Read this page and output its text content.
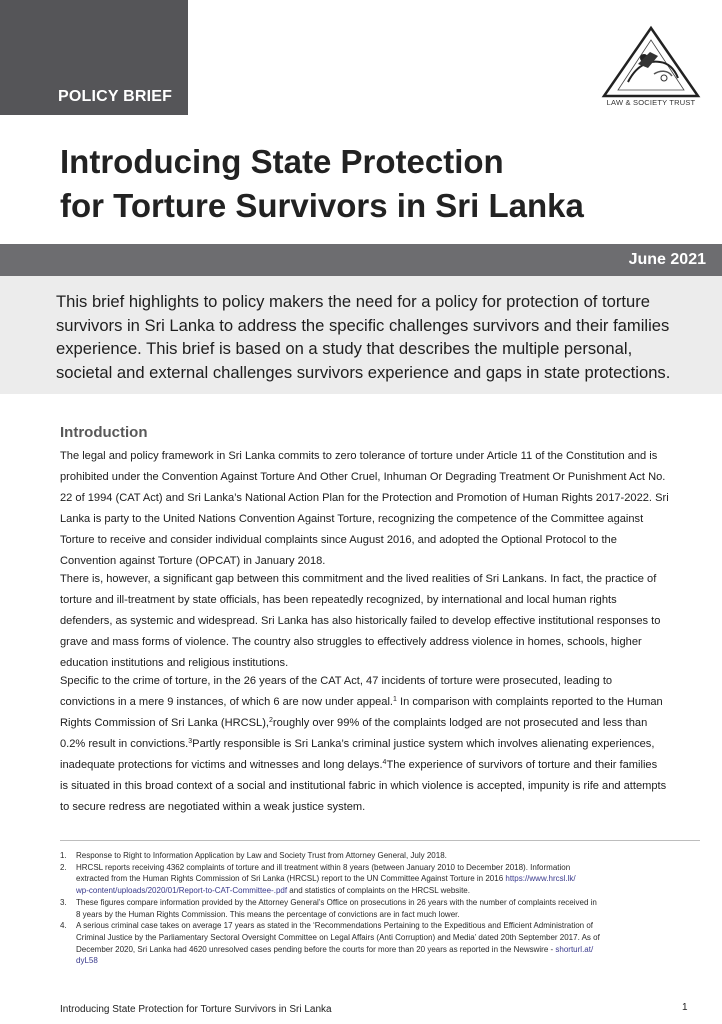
POLICY BRIEF	LAW & SOCIETY TRUST
Introducing State Protection
for Torture Survivors in Sri Lanka
June 2021
This brief highlights to policy makers the need for a policy for protection of torture
survivors in Sri Lanka to address the specific challenges survivors and their families
experience. This brief is based on a study that describes the multiple personal,
societal and external challenges survivors experience and gaps in state protections.
Introduction
The legal and policy framework in Sri Lanka commits to zero tolerance of torture under Article 11 of the Constitution and is
prohibited under the Convention Against Torture And Other Cruel, Inhuman Or Degrading Treatment Or Punishment Act No.
22 of 1994 (CAT Act) and Sri Lanka’s National Action Plan for the Protection and Promotion of Human Rights 2017-2022. Sri
Lanka is party to the United Nations Convention Against Torture, recognizing the competence of the Committee against
Torture to receive and consider individual complaints since August 2016, and adopted the Optional Protocol to the
Convention against Torture (OPCAT) in January 2018.
There is, however, a significant gap between this commitment and the lived realities of Sri Lankans. In fact, the practice of
torture and ill-treatment by state officials, has been repeatedly recognized, by international and local human rights
defenders, as systemic and widespread. Sri Lanka has also historically failed to develop effective institutional responses to
grave and mass forms of violence. The country also struggles to effectively address violence in homes, schools, higher
education institutions and religious institutions.
Specific to the crime of torture, in the 26 years of the CAT Act, 47 incidents of torture were prosecuted, leading to
convictions in a mere 9 instances, of which 6 are now under appeal.$^1$ In comparison with complaints reported to the Human
Rights Commission of Sri Lanka (HRCSL),$^2$roughly over 99% of the complaints lodged are not prosecuted and less than
0.2% result in convictions.$^3$Partly responsible is Sri Lanka’s criminal justice system which involves alienating experiences,
inadequate protections for victims and witnesses and long delays.$^4$The experience of survivors of torture and their families
is situated in this broad context of a social and institutional fabric in which violence is accepted, impunity is rife and attempts
to secure redress are negotiated within a weak justice system.
1. Response to Right to Information Application by Law and Society Trust from Attorney General, July 2018.
2. HRCSL reports receiving 4362 complaints of torture and ill treatment within 8 years (between January 2010 to December 2018). Information
extracted from the Human Rights Commission of Sri Lanka (HRCSL) report to the UN Committee Against Torture in 2016 https://www.hrcsl.lk/
wp-content/uploads/2020/01/Report-to-CAT-Committee-.pdf and statistics of complaints on the HRCSL website.
3. These figures compare information provided by the Attorney General’s Office on prosecutions in 26 years with the number of complaints received in
8 years by the Human Rights Commission. This means the percentage of convictions are in fact much lower.
4. A serious criminal case takes on average 17 years as stated in the ‘Recommendations Pertaining to the Expeditious and Efficient Administration of
Criminal Justice by the Parliamentary Sectoral Oversight Committee on Legal Affairs (Anti Corruption) and Media’ dated 20th September 2017. As of
December 2020, Sri Lanka had 4620 unresolved cases pending before the courts for more than 20 years as reported in the Newswire - shorturl.at/
dyL58
Introducing State Protection for Torture Survivors in Sri Lanka	1
